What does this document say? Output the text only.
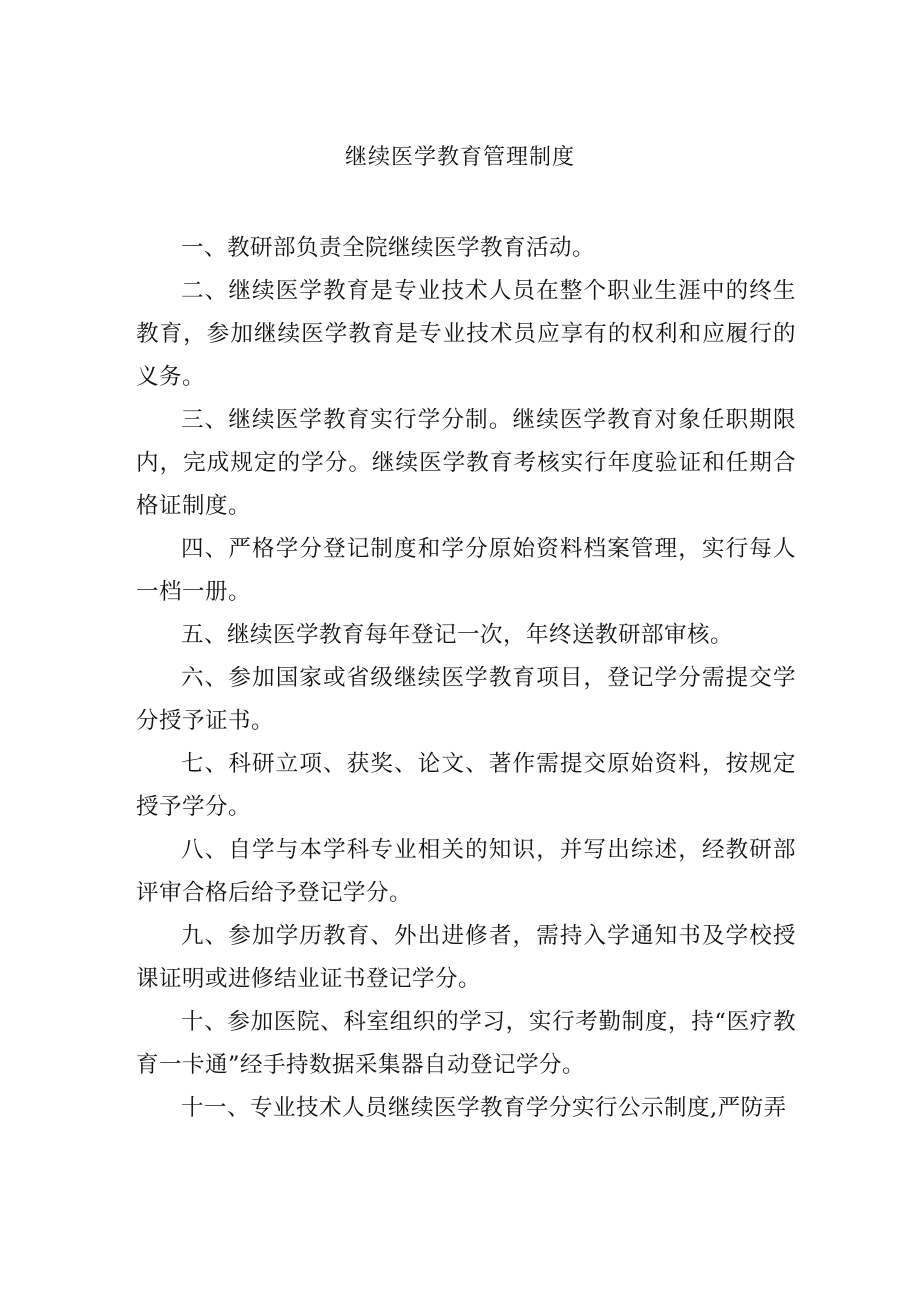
继续医学教育管理制度

一、教研部负责全院继续医学教育活动。

二、继续医学教育是专业技术人员在整个职业生涯中的终生教育，参加继续医学教育是专业技术员应享有的权利和应履行的义务。

三、继续医学教育实行学分制。继续医学教育对象任职期限内，完成规定的学分。继续医学教育考核实行年度验证和任期合格证制度。

四、严格学分登记制度和学分原始资料档案管理，实行每人一档一册。

五、继续医学教育每年登记一次，年终送教研部审核。

六、参加国家或省级继续医学教育项目，登记学分需提交学分授予证书。

七、科研立项、获奖、论文、著作需提交原始资料，按规定授予学分。

八、自学与本学科专业相关的知识，并写出综述，经教研部评审合格后给予登记学分。

九、参加学历教育、外出进修者，需持入学通知书及学校授课证明或进修结业证书登记学分。

十、参加医院、科室组织的学习，实行考勤制度，持“医疗教育一卡通”经手持数据采集器自动登记学分。

十一、专业技术人员继续医学教育学分实行公示制度,严防弄
